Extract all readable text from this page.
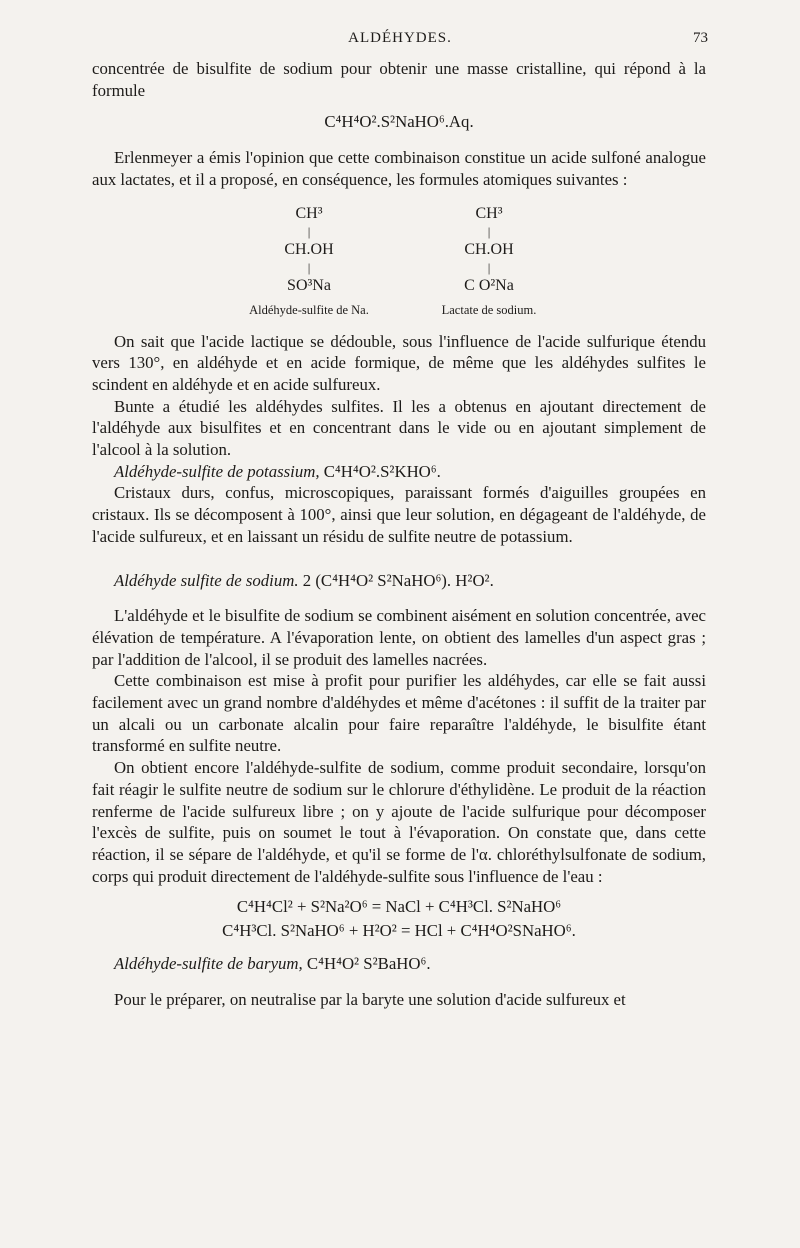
ALDÉHYDES.	73

concentrée de bisulfite de sodium pour obtenir une masse cristalline, qui répond à la formule

C⁴H⁴O².S²NaHO⁶.Aq.

Erlenmeyer a émis l'opinion que cette combinaison constitue un acide sulfoné analogue aux lactates, et il a proposé, en conséquence, les formules atomiques suivantes :

CH³
|
CH.OH
|
SO³Na
Aldéhyde-sulfite de Na.
CH³
|
CH.OH
|
C O²Na
Lactate de sodium.

On sait que l'acide lactique se dédouble, sous l'influence de l'acide sulfurique étendu vers 130°, en aldéhyde et en acide formique, de même que les aldéhydes sulfites le scindent en aldéhyde et en acide sulfureux.

Bunte a étudié les aldéhydes sulfites. Il les a obtenus en ajoutant directement de l'aldéhyde aux bisulfites et en concentrant dans le vide ou en ajoutant simplement de l'alcool à la solution.

Aldéhyde-sulfite de potassium, C⁴H⁴O².S²KHO⁶.

Cristaux durs, confus, microscopiques, paraissant formés d'aiguilles groupées en cristaux. Ils se décomposent à 100°, ainsi que leur solution, en dégageant de l'aldéhyde, de l'acide sulfureux, et en laissant un résidu de sulfite neutre de potassium.

Aldéhyde sulfite de sodium. 2 (C⁴H⁴O² S²NaHO⁶). H²O².

L'aldéhyde et le bisulfite de sodium se combinent aisément en solution concentrée, avec élévation de température. A l'évaporation lente, on obtient des lamelles d'un aspect gras ; par l'addition de l'alcool, il se produit des lamelles nacrées.

Cette combinaison est mise à profit pour purifier les aldéhydes, car elle se fait aussi facilement avec un grand nombre d'aldéhydes et même d'acétones : il suffit de la traiter par un alcali ou un carbonate alcalin pour faire reparaître l'aldéhyde, le bisulfite étant transformé en sulfite neutre.

On obtient encore l'aldéhyde-sulfite de sodium, comme produit secondaire, lorsqu'on fait réagir le sulfite neutre de sodium sur le chlorure d'éthylidène. Le produit de la réaction renferme de l'acide sulfureux libre ; on y ajoute de l'acide sulfurique pour décomposer l'excès de sulfite, puis on soumet le tout à l'évaporation. On constate que, dans cette réaction, il se sépare de l'aldéhyde, et qu'il se forme de l'α. chloréthylsulfonate de sodium, corps qui produit directement de l'aldéhyde-sulfite sous l'influence de l'eau :

C⁴H⁴Cl² + S²Na²O⁶ = NaCl + C⁴H³Cl. S²NaHO⁶
C⁴H³Cl. S²NaHO⁶ + H²O² = HCl + C⁴H⁴O²SNaHO⁶.

Aldéhyde-sulfite de baryum, C⁴H⁴O² S²BaHO⁶.

Pour le préparer, on neutralise par la baryte une solution d'acide sulfureux et
